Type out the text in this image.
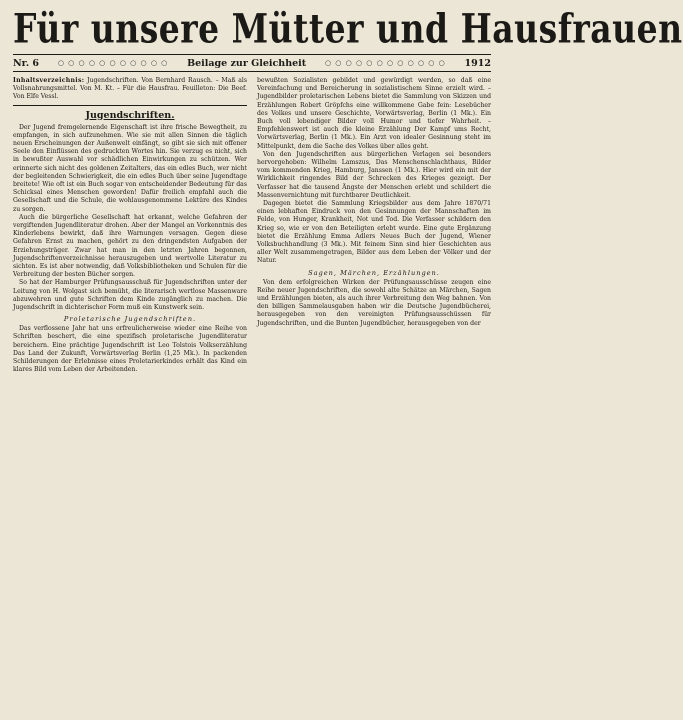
Für unsere Mütter und Hausfrauen
Nr. 6	○ ○ ○ ○ ○ ○ ○ ○ ○ ○ ○ Beilage zur Gleichheit	○ ○ ○ ○ ○ ○ ○ ○ ○ ○ ○ ○ 1912

Inhaltsverzeichnis: Jugendschriften. Von Bernhard Rausch. – Maß als Vollsnahrungsmittel. Von M. Kt. – Für die Hausfrau. Feuilleton: Die Beef. Von Elfe Vessl.

Jugendschriften.

Der Jugend fremgelernende Eigenschaft ist ihre frische Bewegtheit, zu empfangen, in sich aufzunehmen. Wie sie mit allen Sinnen die täglich neuen Erscheinungen der Außenwelt einfängt, so gibt sie sich mit offener Seele den Einflüssen des gedruckten Wortes hin. Sie verzug es nicht, sich in bewußter Auswahl vor schädlichen Einwirkungen zu schützen. Wer erinnerte sich nicht des goldenen Zeitalters, das ein edles Buch, wer nicht der begleitenden Schwierigkeit, die ein edles Buch über seine Jugendtage breitete! Wie oft ist ein Buch sogar von entscheidender Bedeutung für das Schicksal eines Menschen geworden! Dafür freilich empfahl auch die Gesellschaft und die Schule, die wohlausgenommene Lektüre des Kindes zu sorgen.

Auch die bürgerliche Gesellschaft hat erkannt, welche Gefahren der vergiftenden Jugendliteratur drohen. Aber der Mangel an Vorkenntnis des Kinderlebens bewirkt, daß ihre Warnungen versagen. Gegen diese Gefahren Ernst zu machen, gehört zu den dringendsten Aufgaben der Erziehungsträger. Zwar hat man in den letzten Jahren begonnen, Jugendschriftenverzeichnisse herauszugeben und wertvolle Literatur zu sichten. Es ist aber notwendig, daß Volksbibliotheken und Schulen für die Verbreitung der besten Bücher sorgen.

So hat der Hamburger Prüfungsausschuß für Jugendschriften unter der Leitung von H. Wolgast sich bemüht, die literarisch wertlose Massenware abzuwehren und gute Schriften dem Kinde zugänglich zu machen. Die Jugendschrift in dichterischer Form muß ein Kunstwerk sein.

Proletarische Jugendschriften.

Das verflossene Jahr hat uns erfreulicherweise wieder eine Reihe von Schriften beschert, die eine spezifisch proletarische Jugendliteratur bereichern. Eine prächtige Jugendschrift ist Leo Tolstois Volkserzählung Das Land der Zukunft, Vorwärtsverlag Berlin (1,25 Mk.). In packenden Schilderungen der Erlebnisse eines Proletarierkindes erhält das Kind ein klares Bild vom Leben der Arbeitenden.

bewußten Sozialisten gebildet und gewürdigt werden, so daß eine Vereinfachung und Bereicherung in sozialistischem Sinne erzielt wird. – Jugendbilder proletarischen Lebens bietet die Sammlung von Skizzen und Erzählungen Robert Gröpfchs eine willkommene Gabe fein: Lesebücher des Volkes und unsere Geschichte, Vorwärtsverlag, Berlin (1 Mk.). Ein Buch voll lebendiger Bilder voll Humor und tiefer Wahrheit. – Empfehlenswert ist auch die kleine Erzählung Der Kampf ums Recht, Vorwärtsverlag, Berlin (1 Mk.). Ein Arzt von idealer Gesinnung steht im Mittelpunkt, dem die Sache des Volkes über alles geht.

Von den Jugendschriften aus bürgerlichen Verlagen sei besonders hervorgehoben: Wilhelm Lamszus, Das Menschenschlachthaus, Bilder vom kommenden Krieg, Hamburg, Janssen (1 Mk.). Hier wird ein mit der Wirklichkeit ringendes Bild der Schrecken des Krieges gezeigt. Der Verfasser hat die tausend Ängste der Menschen erlebt und schildert die Massenvernichtung mit furchtbarer Deutlichkeit.

Dagegen bietet die Sammlung Kriegsbilder aus dem Jahre 1870/71 einen lebhaften Eindruck von den Gesinnungen der Mannschaften im Felde, von Hunger, Krankheit, Not und Tod. Die Verfasser schildern den Krieg so, wie er von den Beteiligten erlebt wurde. Eine gute Ergänzung bietet die Erzählung Emma Adlers Neues Buch der Jugend, Wiener Volksbuchhandlung (3 Mk.). Mit feinem Sinn sind hier Geschichten aus aller Welt zusammengetragen, Bilder aus dem Leben der Völker und der Natur.

Sagen, Märchen, Erzählungen.

Von dem erfolgreichen Wirken der Prüfungsausschüsse zeugen eine Reihe neuer Jugendschriften, die sowohl alte Schätze an Märchen, Sagen und Erzählungen bieten, als auch ihrer Verbreitung den Weg bahnen. Von den billigen Sammelausgaben haben wir die Deutsche Jugendbücherei, herausgegeben von den vereinigten Prüfungsausschüssen für Jugendschriften, und die Bunten Jugendbücher, herausgegeben von der
